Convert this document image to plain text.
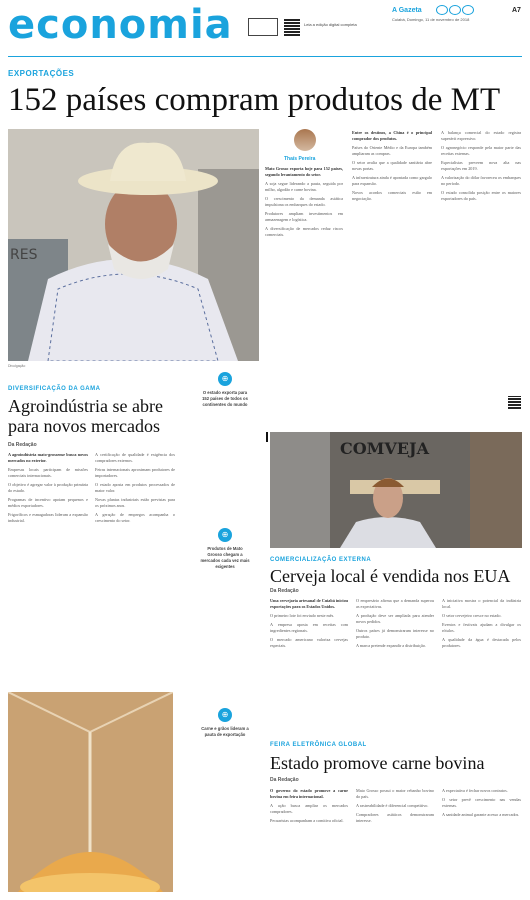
economia	Leia a edição digital completa
A Gazeta	A7
Cuiabá, Domingo, 11 de novembro de 2018
EXPORTAÇÕES
152 países compram produtos de MT
RES
Divulgação
Thaís Pereira

Mato Grosso exporta hoje para 152 países, segundo levantamento do setor.

A soja segue liderando a pauta, seguida por milho, algodão e carne bovina.

O crescimento da demanda asiática impulsiona os embarques do estado.

Produtores ampliam investimentos em armazenagem e logística.

A diversificação de mercados reduz riscos comerciais.

Entre os destinos, a China é o principal comprador dos produtos.

Países do Oriente Médio e da Europa também ampliaram as compras.

O setor avalia que a qualidade sanitária abre novas portas.

A infraestrutura ainda é apontada como gargalo para expansão.

Novos acordos comerciais estão em negociação.

A balança comercial do estado registra superávit expressivo.

O agronegócio responde pela maior parte das receitas externas.

Especialistas preveem nova alta nas exportações em 2019.

A valorização do dólar favoreceu os embarques no período.

O estado consolida posição entre os maiores exportadores do país.

DIVERSIFICAÇÃO DA GAMA
Agroindústria se abre para novos mercados
Da Redação

A agroindústria mato-grossense busca novos mercados no exterior.

Empresas locais participam de missões comerciais internacionais.

O objetivo é agregar valor à produção primária do estado.

Programas de incentivo apoiam pequenos e médios exportadores.

Frigoríficos e esmagadoras lideram a expansão industrial.

A certificação de qualidade é exigência dos compradores externos.

Feiras internacionais aproximam produtores de importadores.

O estado aposta em produtos processados de maior valor.

Novas plantas industriais estão previstas para os próximos anos.

A geração de empregos acompanha o crescimento do setor.

⊕
O estado exporta para 152 países de todos os continentes do mundo
⊕
Produtos de Mato Grosso chegam a mercados cada vez mais exigentes
⊕
Carne e grãos lideram a pauta de exportação
COMVEJA
COMERCIALIZAÇÃO EXTERNA
Cerveja local é vendida nos EUA
Da Redação

Uma cervejaria artesanal de Cuiabá iniciou exportações para os Estados Unidos.

O primeiro lote foi enviado neste mês.

A empresa aposta em receitas com ingredientes regionais.

O mercado americano valoriza cervejas especiais.

O empresário afirma que a demanda superou as expectativas.

A produção deve ser ampliada para atender novos pedidos.

Outros países já demonstraram interesse no produto.

A marca pretende expandir a distribuição.

A iniciativa mostra o potencial da indústria local.

O setor cervejeiro cresce no estado.

Eventos e festivais ajudam a divulgar os rótulos.

A qualidade da água é destacada pelos produtores.

FEIRA ELETRÔNICA GLOBAL
Estado promove carne bovina
Da Redação

O governo do estado promove a carne bovina em feira internacional.

A ação busca ampliar os mercados compradores.

Pecuaristas acompanham a comitiva oficial.

Mato Grosso possui o maior rebanho bovino do país.

A rastreabilidade é diferencial competitivo.

Compradores asiáticos demonstraram interesse.

A expectativa é fechar novos contratos.

O setor prevê crescimento nas vendas externas.

A sanidade animal garante acesso a mercados.
